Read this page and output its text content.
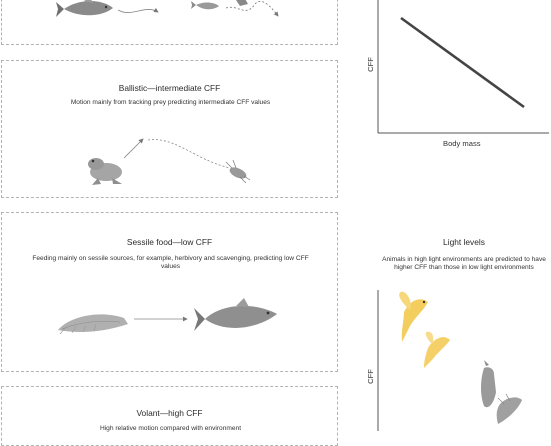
Ballistic—intermediate CFF
Motion mainly from tracking prey predicting intermediate CFF values
Sessile food—low CFF
Feeding mainly on sessile sources, for example, herbivory and scavenging, predicting low CFF values
Volant—high CFF
High relative motion compared with environment
CFF
Body mass
Light levels
Animals in high light environments are predicted to have higher CFF than those in low light environments
CFF
